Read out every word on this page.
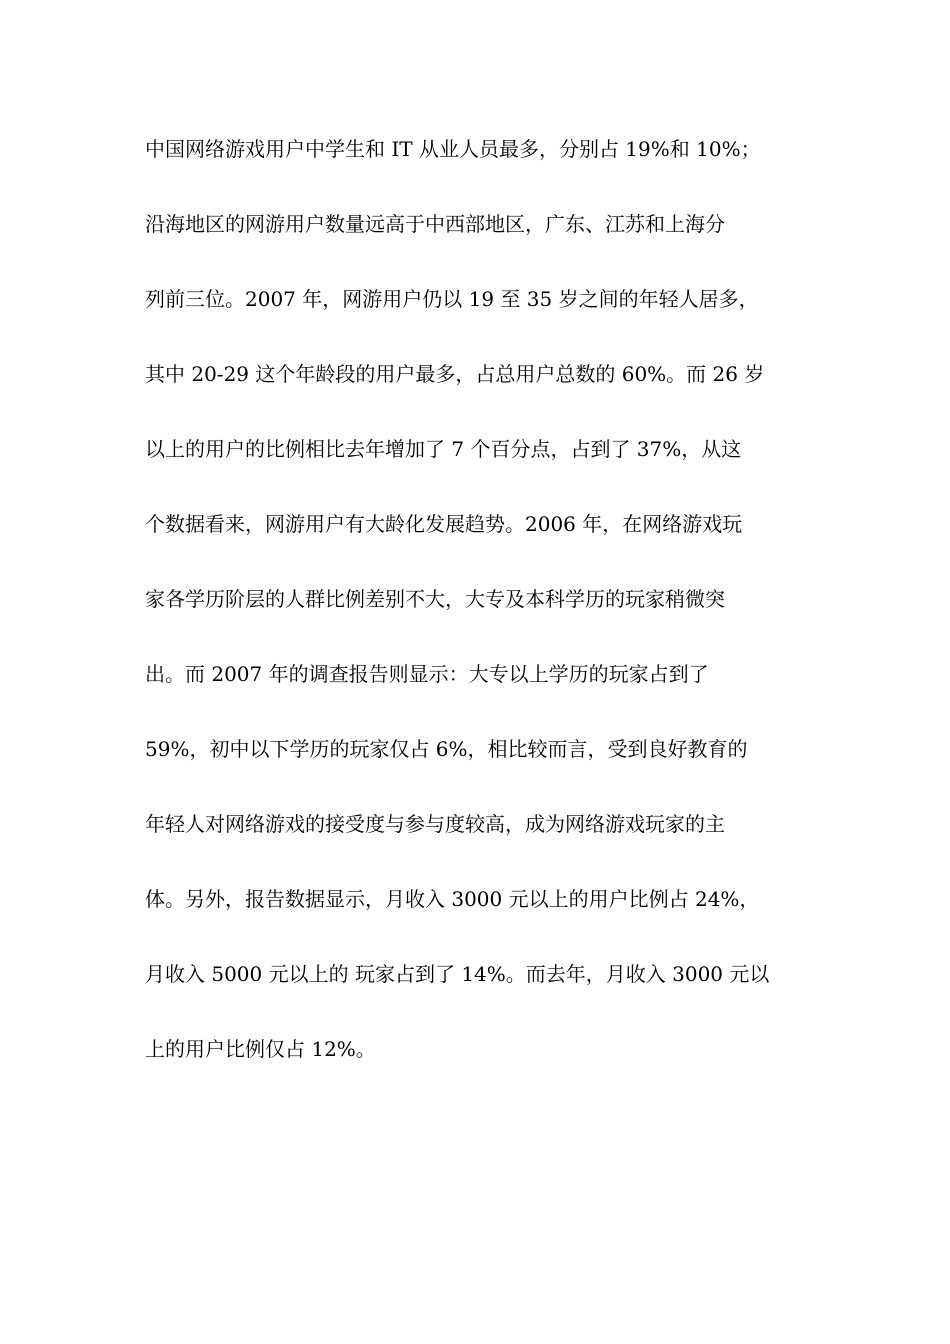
中国网络游戏用户中学生和 IT 从业人员最多，分别占 19%和 10%；
沿海地区的网游用户数量远高于中西部地区，广东、江苏和上海分
列前三位。2007 年，网游用户仍以 19 至 35 岁之间的年轻人居多，
其中 20-29 这个年龄段的用户最多，占总用户总数的 60%。而 26 岁
以上的用户的比例相比去年增加了 7 个百分点，占到了 37%，从这
个数据看来，网游用户有大龄化发展趋势。2006 年，在网络游戏玩
家各学历阶层的人群比例差别不大，大专及本科学历的玩家稍微突
出。而 2007 年的调查报告则显示：大专以上学历的玩家占到了
59%，初中以下学历的玩家仅占 6%，相比较而言，受到良好教育的
年轻人对网络游戏的接受度与参与度较高，成为网络游戏玩家的主
体。另外，报告数据显示，月收入 3000 元以上的用户比例占 24%，
月收入 5000 元以上的 玩家占到了 14%。而去年，月收入 3000 元以
上的用户比例仅占 12%。
